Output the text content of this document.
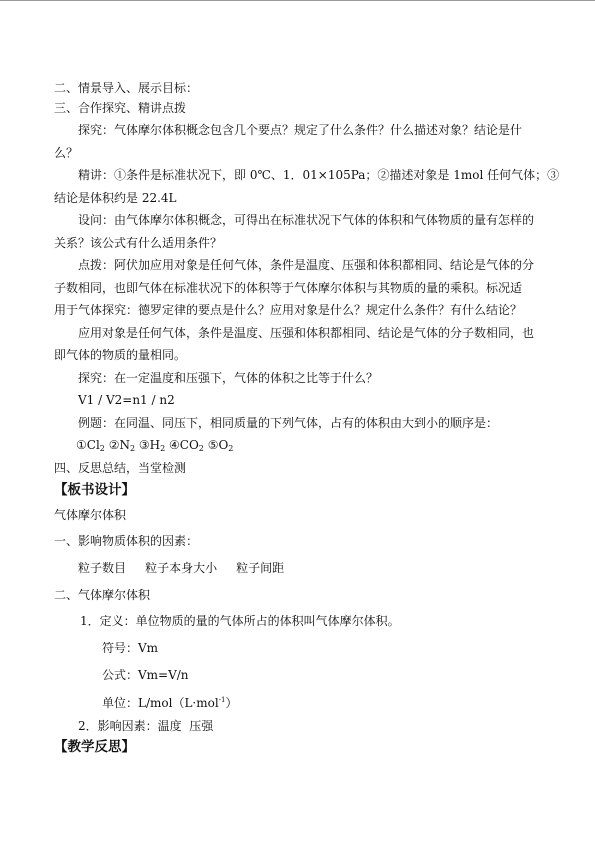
二、情景导入、展示目标：
三、合作探究、精讲点拨
探究：气体摩尔体积概念包含几个要点？规定了什么条件？什么描述对象？结论是什
么？
精讲：①条件是标准状况下，即 0℃、1．01×105Pa；②描述对象是 1mol 任何气体；③
结论是体积约是 22.4L
设问：由气体摩尔体积概念，可得出在标准状况下气体的体积和气体物质的量有怎样的
关系？该公式有什么适用条件？
点拨：阿伏加应用对象是任何气体，条件是温度、压强和体积都相同、结论是气体的分
子数相同，也即气体在标准状况下的体积等于气体摩尔体积与其物质的量的乘积。标况适
用于气体探究：德罗定律的要点是什么？应用对象是什么？规定什么条件？有什么结论？
应用对象是任何气体，条件是温度、压强和体积都相同、结论是气体的分子数相同，也
即气体的物质的量相同。
探究：在一定温度和压强下，气体的体积之比等于什么？
V1 / V2=n1 / n2
例题：在同温、同压下，相同质量的下列气体，占有的体积由大到小的顺序是：
$①Cl_2$ $②N_2$ $③H_2$ $④CO_2$ $⑤O_2$
四、反思总结，当堂检测
【板书设计】
气体摩尔体积
一、影响物质体积的因素：
粒子数目     粒子本身大小     粒子间距
二、气体摩尔体积
1．定义：单位物质的量的气体所占的体积叫气体摩尔体积。
符号：Vm
公式：Vm=V/n
单位：L/mol（L·mol$^{-1}$）
2．影响因素：温度  压强
【教学反思】
